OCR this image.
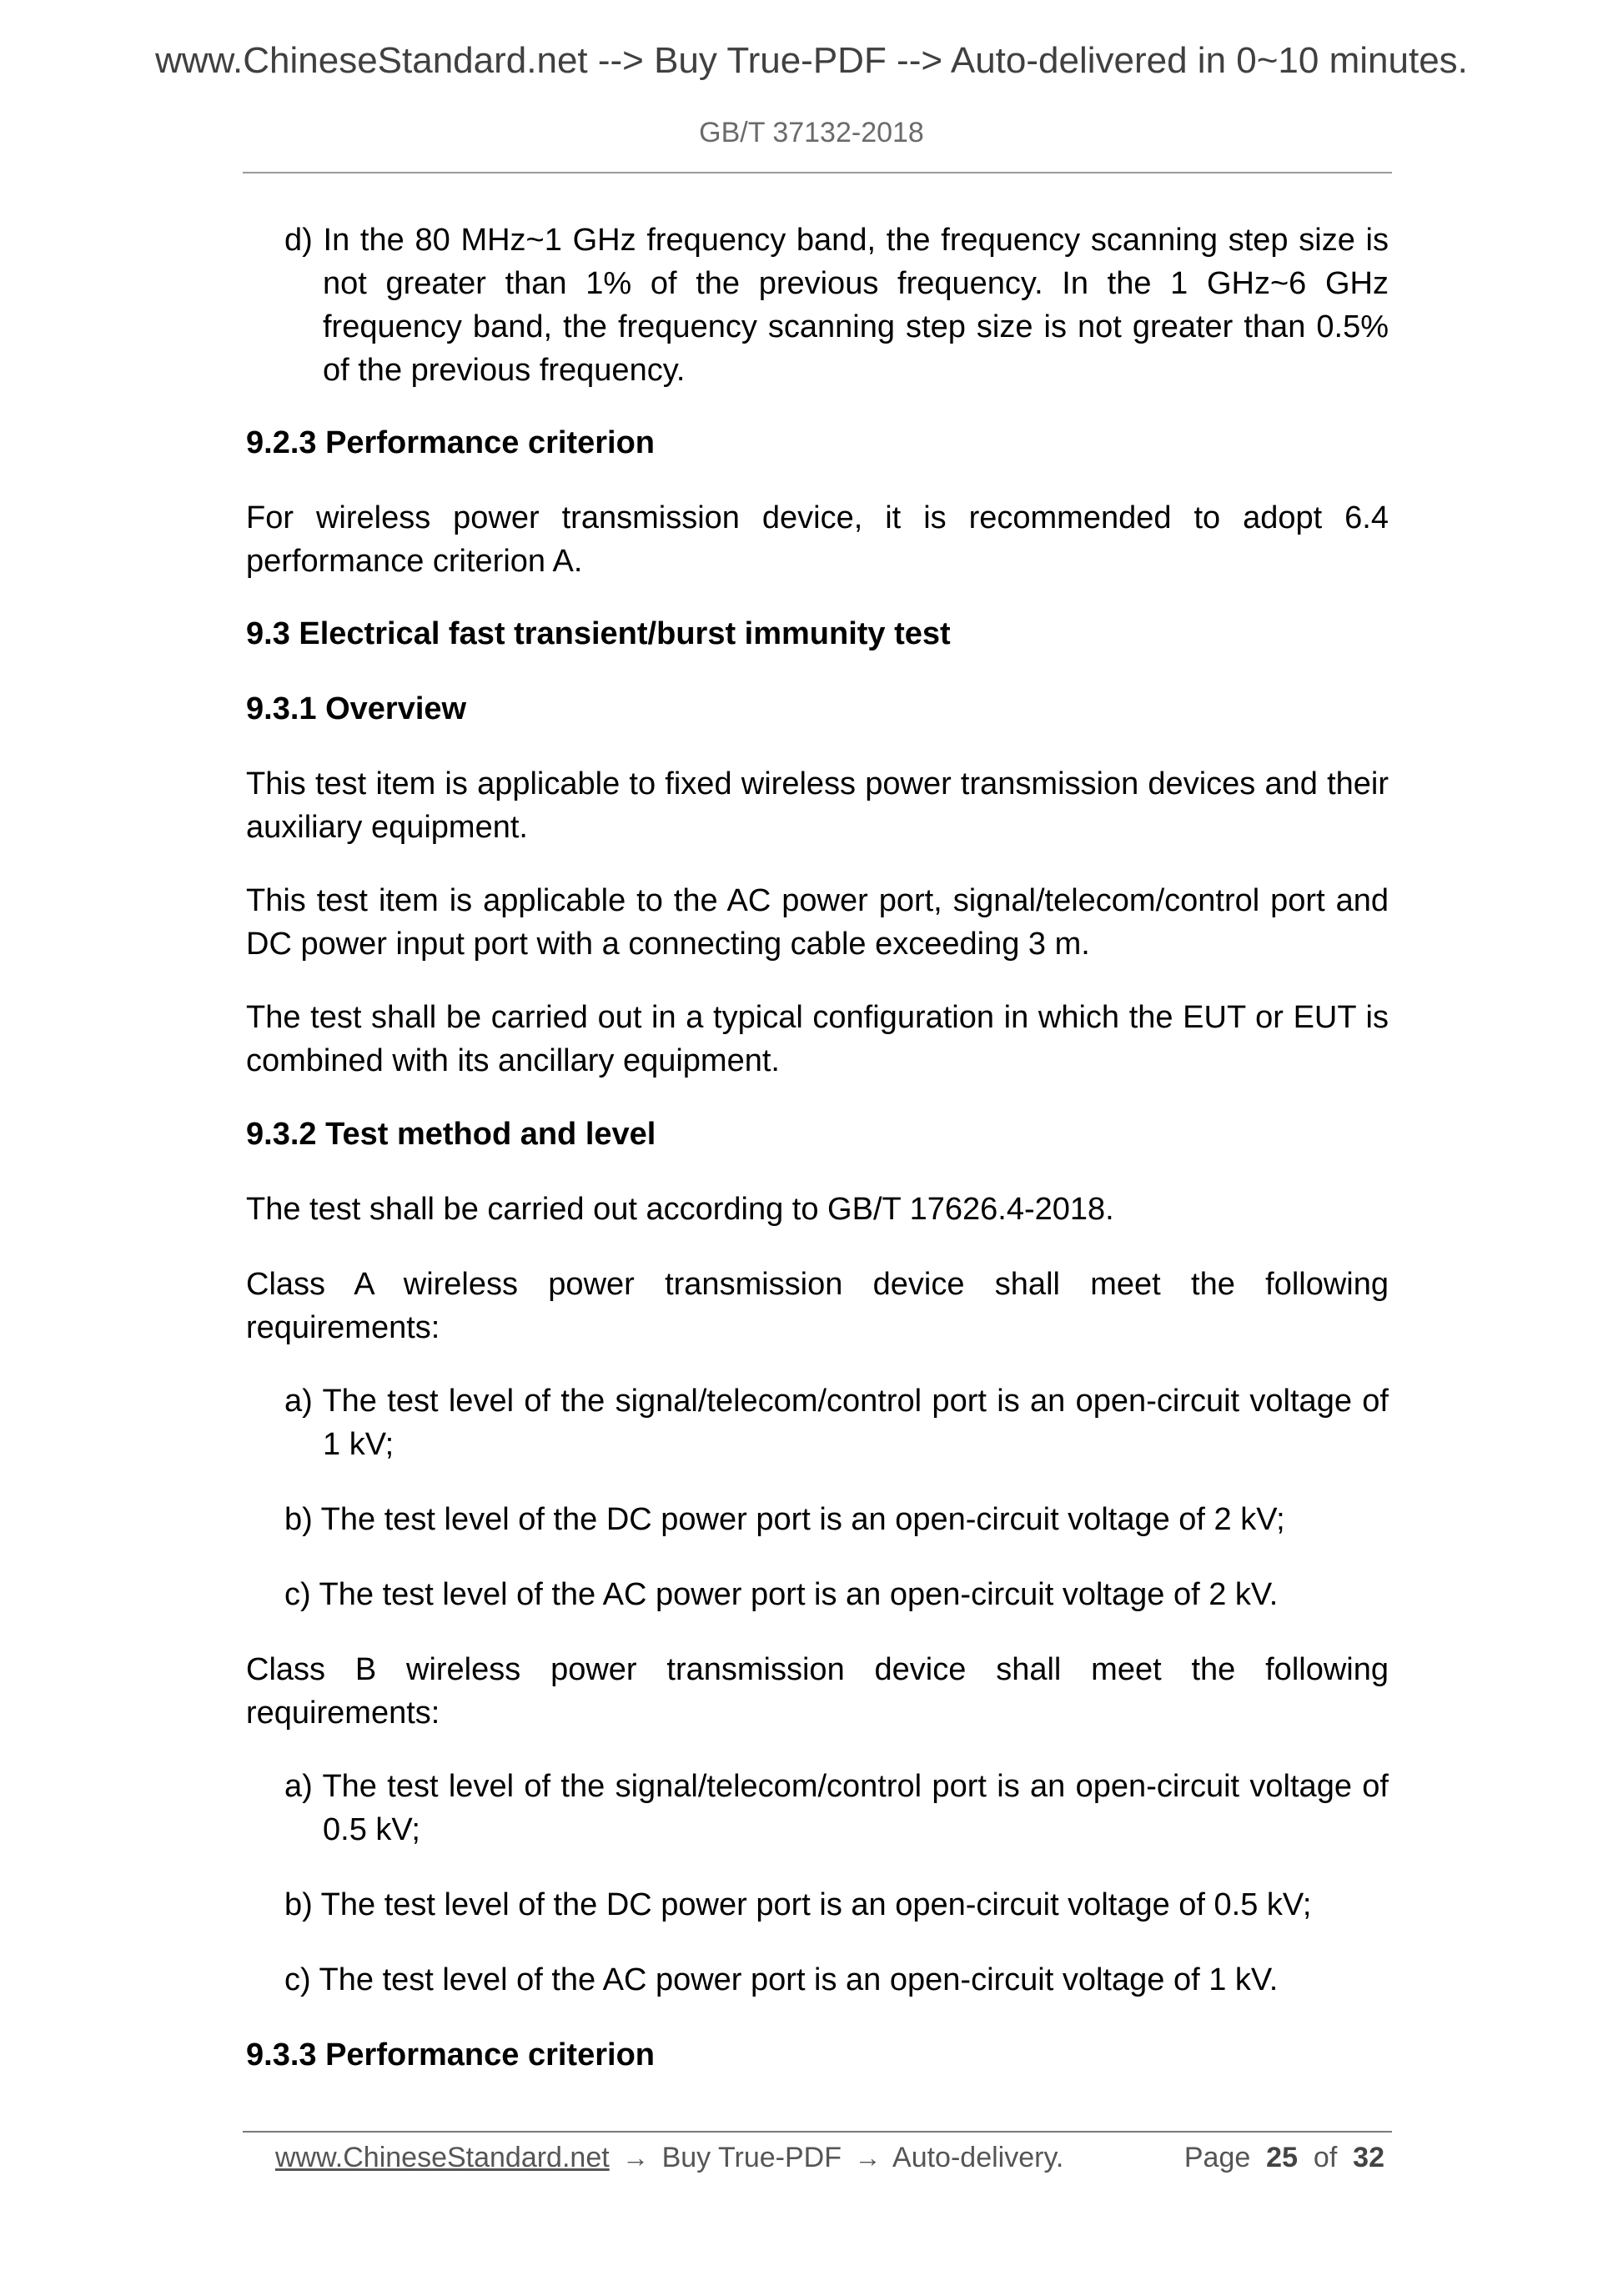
www.ChineseStandard.net --> Buy True-PDF --> Auto-delivered in 0~10 minutes.
GB/T 37132-2018

d) In the 80 MHz~1 GHz frequency band, the frequency scanning step size is not greater than 1% of the previous frequency. In the 1 GHz~6 GHz frequency band, the frequency scanning step size is not greater than 0.5% of the previous frequency.

9.2.3 Performance criterion

For wireless power transmission device, it is recommended to adopt 6.4 performance criterion A.

9.3 Electrical fast transient/burst immunity test

9.3.1 Overview

This test item is applicable to fixed wireless power transmission devices and their auxiliary equipment.

This test item is applicable to the AC power port, signal/telecom/control port and DC power input port with a connecting cable exceeding 3 m.

The test shall be carried out in a typical configuration in which the EUT or EUT is combined with its ancillary equipment.

9.3.2 Test method and level

The test shall be carried out according to GB/T 17626.4-2018.

Class A wireless power transmission device shall meet the following requirements:

a) The test level of the signal/telecom/control port is an open-circuit voltage of 1 kV;

b) The test level of the DC power port is an open-circuit voltage of 2 kV;

c) The test level of the AC power port is an open-circuit voltage of 2 kV.

Class B wireless power transmission device shall meet the following requirements:

a) The test level of the signal/telecom/control port is an open-circuit voltage of 0.5 kV;

b) The test level of the DC power port is an open-circuit voltage of 0.5 kV;

c) The test level of the AC power port is an open-circuit voltage of 1 kV.

9.3.3 Performance criterion

www.ChineseStandard.net → Buy True-PDF → Auto-delivery.	Page 25 of 32
